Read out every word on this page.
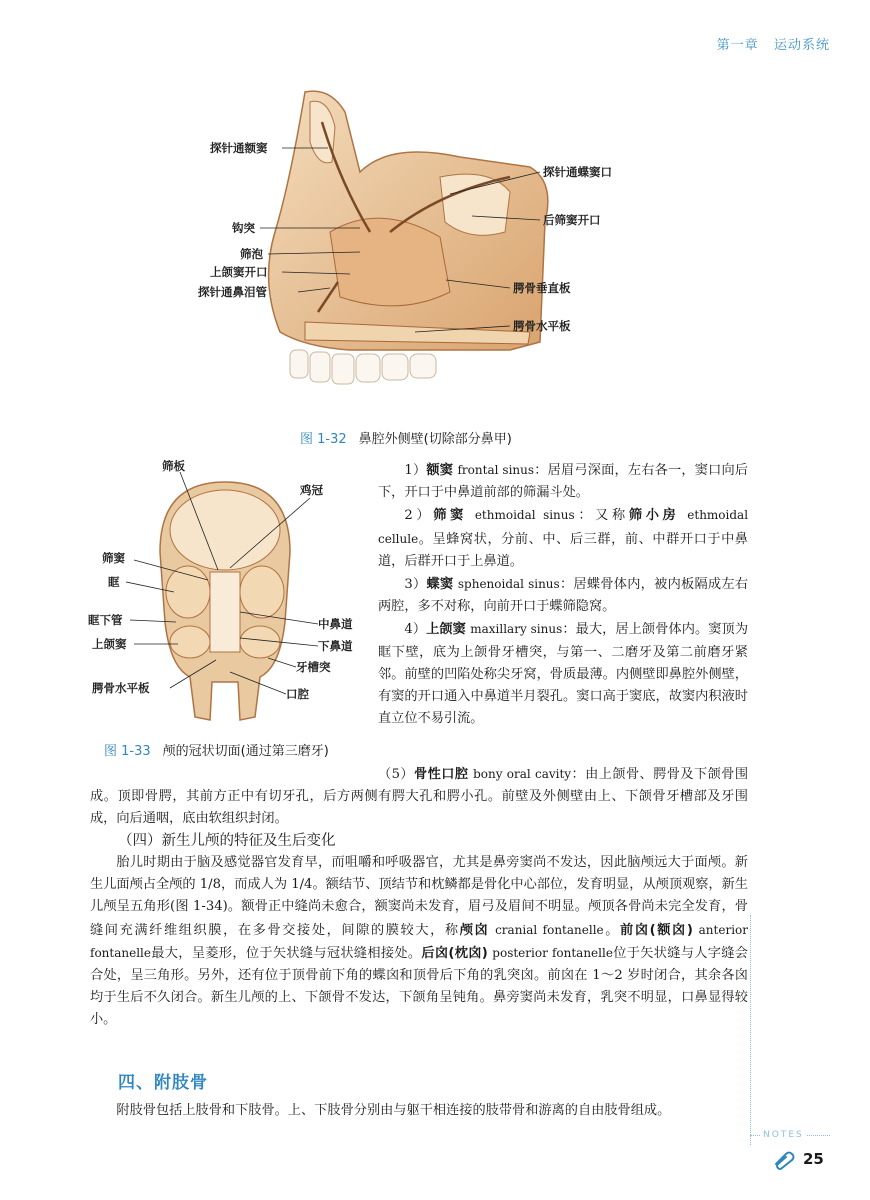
第一章 运动系统
探针通额窦
探针通蝶窦口
后筛窦开口
钩突
筛泡
上颌窦开口
探针通鼻泪管	腭骨垂直板
腭骨水平板
图 1-32 鼻腔外侧壁(切除部分鼻甲)
筛板
鸡冠
筛窦
眶
眶下管
上颌窦
中鼻道
下鼻道
牙槽突
腭骨水平板	口腔
图 1-33 颅的冠状切面(通过第三磨牙)

1）额窦 frontal sinus：居眉弓深面，左右各一，窦口向后下，开口于中鼻道前部的筛漏斗处。

2）筛窦 ethmoidal sinus：又称筛小房 ethmoidal cellule。呈蜂窝状，分前、中、后三群，前、中群开口于中鼻道，后群开口于上鼻道。

3）蝶窦 sphenoidal sinus：居蝶骨体内，被内板隔成左右两腔，多不对称，向前开口于蝶筛隐窝。

4）上颌窦 maxillary sinus：最大，居上颌骨体内。窦顶为眶下壁，底为上颌骨牙槽突，与第一、二磨牙及第二前磨牙紧邻。前壁的凹陷处称尖牙窝，骨质最薄。内侧壁即鼻腔外侧壁，有窦的开口通入中鼻道半月裂孔。窦口高于窦底，故窦内积液时直立位不易引流。

（5）骨性口腔 bony oral cavity：由上颌骨、腭骨及下颌骨围成。顶即骨腭，其前方正中有切牙孔，后方两侧有腭大孔和腭小孔。前壁及外侧壁由上、下颌骨牙槽部及牙围成，向后通咽，底由软组织封闭。

（四）新生儿颅的特征及生后变化

胎儿时期由于脑及感觉器官发育早，而咀嚼和呼吸器官，尤其是鼻旁窦尚不发达，因此脑颅远大于面颅。新生儿面颅占全颅的 1/8，而成人为 1/4。额结节、顶结节和枕鳞都是骨化中心部位，发育明显，从颅顶观察，新生儿颅呈五角形(图 1-34)。额骨正中缝尚未愈合，额窦尚未发育，眉弓及眉间不明显。颅顶各骨尚未完全发育，骨缝间充满纤维组织膜，在多骨交接处，间隙的膜较大，称颅囟 cranial fontanelle。前囟(额囟) anterior fontanelle最大，呈菱形，位于矢状缝与冠状缝相接处。后囟(枕囟) posterior fontanelle位于矢状缝与人字缝会合处，呈三角形。另外，还有位于顶骨前下角的蝶囟和顶骨后下角的乳突囟。前囟在 1～2 岁时闭合，其余各囟均于生后不久闭合。新生儿颅的上、下颌骨不发达，下颌角呈钝角。鼻旁窦尚未发育，乳突不明显，口鼻显得较小。

四、附肢骨

附肢骨包括上肢骨和下肢骨。上、下肢骨分别由与躯干相连接的肢带骨和游离的自由肢骨组成。

NOTES
25
